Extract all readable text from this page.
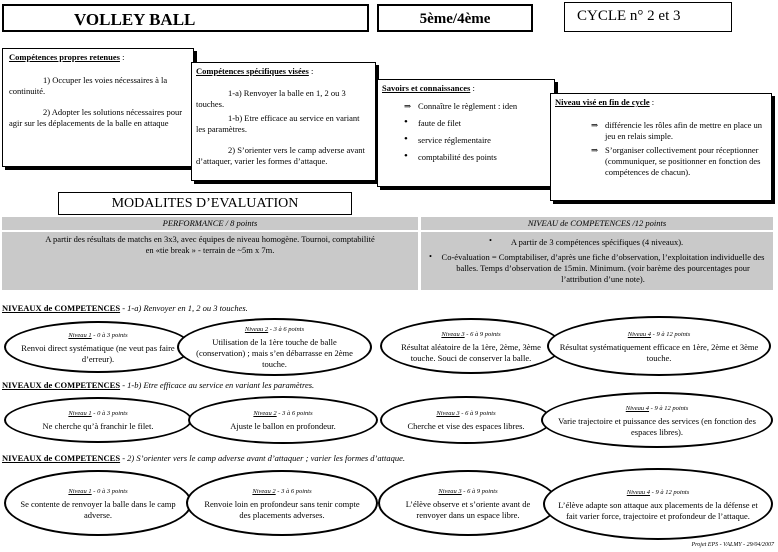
VOLLEY BALL	5ème/4ème	CYCLE n° 2 et 3
Compétences propres retenues :
1) Occuper les voies nécessaires à la continuité.
2) Adopter les solutions nécessaires pour agir sur les déplacements de la balle en attaque
Compétences spécifiques visées :
1-a) Renvoyer la balle en 1, 2 ou 3 touches.
1-b) Etre efficace au service en variant les paramètres.
2) S’orienter vers le camp adverse avant d’attaquer, varier les formes d’attaque.
Savoirs et connaissances :
⇒ Connaître le règlement : iden
• faute de filet
• service réglementaire
• comptabilité des points
Niveau visé en fin de cycle :
⇒ différencie les rôles afin de mettre en place un jeu en relais simple.
⇒ S’organiser collectivement pour réceptionner (communiquer, se positionner en fonction des compétences de chacun).
MODALITES D’EVALUATION
PERFORMANCE / 8 points	NIVEAU de COMPETENCES /12 points
A partir des résultats de matchs en 3x3, avec équipes de niveau homogène. Tournoi, comptabilité en «tie break » - terrain de ~5m x 7m.
• A partir de 3 compétences spécifiques (4 niveaux).
• Co-évaluation = Comptabiliser, d’après une fiche d’observation, l’exploitation individuelle des balles. Temps d’observation de 15min. Minimum. (voir barème des pourcentages pour l’attribution d’une note).
NIVEAUX de COMPETENCES - 1-a) Renvoyer en 1, 2 ou 3 touches.
Niveau 1 - 0 à 3 points
Renvoi direct systématique (ne veut pas faire d’erreur).
Niveau 2 - 3 à 6 points
Utilisation de la 1ère touche de balle (conservation) ; mais s’en débarrasse en 2ème touche.
Niveau 3 - 6 à 9 points
Résultat aléatoire de la 1ère, 2ème, 3ème touche. Souci de conserver la balle.
Niveau 4 - 9 à 12 points
Résultat systématiquement efficace en 1ère, 2ème et 3ème touche.
NIVEAUX de COMPETENCES - 1-b) Etre efficace au service en variant les paramètres.
Niveau 1 - 0 à 3 points
Ne cherche qu’à franchir le filet.
Niveau 2 - 3 à 6 points
Ajuste le ballon en profondeur.
Niveau 3 - 6 à 9 points
Cherche et vise des espaces libres.
Niveau 4 - 9 à 12 points
Varie trajectoire et puissance des services (en fonction des espaces libres).
NIVEAUX de COMPETENCES - 2) S’orienter vers le camp adverse avant d’attaquer ; varier les formes d’attaque.
Niveau 1 - 0 à 3 points
Se contente de renvoyer la balle dans le camp adverse.
Niveau 2 - 3 à 6 points
Renvoie loin en profondeur sans tenir compte des placements adverses.
Niveau 3 - 6 à 9 points
L’élève observe et s’oriente avant de renvoyer dans un espace libre.
Niveau 4 - 9 à 12 points
L’élève adapte son attaque aux placements de la défense et fait varier force, trajectoire et profondeur de l’attaque.
Projet EPS - VALMY - 29/04/2007
